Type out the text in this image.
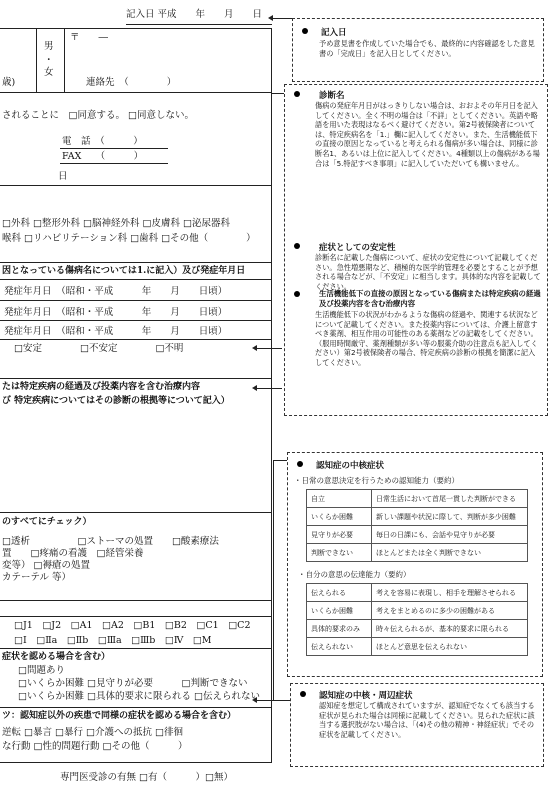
記入日 平成　　年　　月　　日
男
・
女
〒　　―
歳)	連絡先　（　　　　）
されることに　□同意する。 □同意しない。
電　話　（　　　）
FAX　　（　　　）
日
□外科 □整形外科 □脳神経外科 □皮膚科 □泌尿器科
喉科 □リハビリテーション科 □歯科 □その他（　　　　）
因となっている傷病名については1.に記入）及び発症年月日
発症年月日　（昭和・平成　　　年　　月　　日頃）
発症年月日　（昭和・平成　　　年　　月　　日頃）
発症年月日　（昭和・平成　　　年　　月　　日頃）
□安定　　　　□不安定　　　　□不明
たは特定疾病の経過及び投薬内容を含む治療内容
び 特定疾病についてはその診断の根拠等について記入）
のすべてにチェック）
□透析　　　　　□ストーマの処置　　□酸素療法
置　　□疼痛の看護　□経管栄養
変等） □褥瘡の処置
カテーテル 等）
□J1　□J2　□A1　□A2　□B1　□B2　□C1　□C2
□Ⅰ　□Ⅱa　□Ⅱb　□Ⅲa　□Ⅲb　□Ⅳ　□M
症状を認める場合を含む）
□問題あり
□いくらか困難 □見守りが必要　　　□判断できない
□いくらか困難 □具体的要求に限られる □伝えられない
ツ：認知症以外の疾患で同様の症状を認める場合を含む）
逆転 □暴言 □暴行 □介護への抵抗 □徘徊
な行動 □性的問題行動 □その他（　　　）
専門医受診の有無 □有（　　　）□無）
記入日
予め意見書を作成していた場合でも、最終的に内容確認をした意見書の「完成日」を記入日としてください。
診断名
傷病の発症年月日がはっきりしない場合は、おおよその年月日を記入してください。全く不明の場合は「不詳」としてください。英語や略語を用いた表現はなるべく避けてください。第2号被保険者については、特定疾病名を「1.」欄に記入してください。また、生活機能低下の直接の原因となっていると考えられる傷病が多い場合は、同様に診断名1、あるいは上位に記入してください。4種類以上の傷病がある場合は「5.特記すべき事項」に記入していただいても構いません。
症状としての安定性
診断名に記載した傷病について、症状の安定性について記載してください。急性増悪期など、積極的な医学的管理を必要とすることが予想される場合などが、「不安定」に相当します。具体的な内容を記載してください。
生活機能低下の直接の原因となっている傷病または特定疾病の経過及び投薬内容を含む治療内容
生活機能低下の状況がわかるような傷病の経過や、関連する状況などについて記載してください。また投薬内容については、介護上留意すべき薬剤、相互作用の可能性のある薬剤などの記載をしてください。（服用時間厳守、薬剤種類が多い等の服薬介助の注意点も記入してください）第2号被保険者の場合、特定疾病の診断の根拠を簡潔に記入してください。
認知症の中核症状
・日常の意思決定を行うための認知能力（要約）
自立	日常生活において首尾一貫した判断ができる
いくらか困難	新しい課題や状況に際して、判断が多少困難
見守りが必要	毎日の日課にも、会話や見守りが必要
判断できない	ほとんどまたは全く判断できない
・自分の意思の伝達能力（要約）
伝えられる	考えを容易に表現し、相手を理解させられる
いくらか困難	考えをまとめるのに多少の困難がある
具体的要求のみ	時々伝えられるが、基本的要求に限られる
伝えられない	ほとんど意思を伝えられない
認知症の中核・周辺症状
認知症を想定して構成されていますが、認知症でなくても該当する症状が見られた場合は同様に記載してください。見られた症状に該当する選択肢がない場合は、「(4)その他の精神・神経症状」でその症状を記載してください。
